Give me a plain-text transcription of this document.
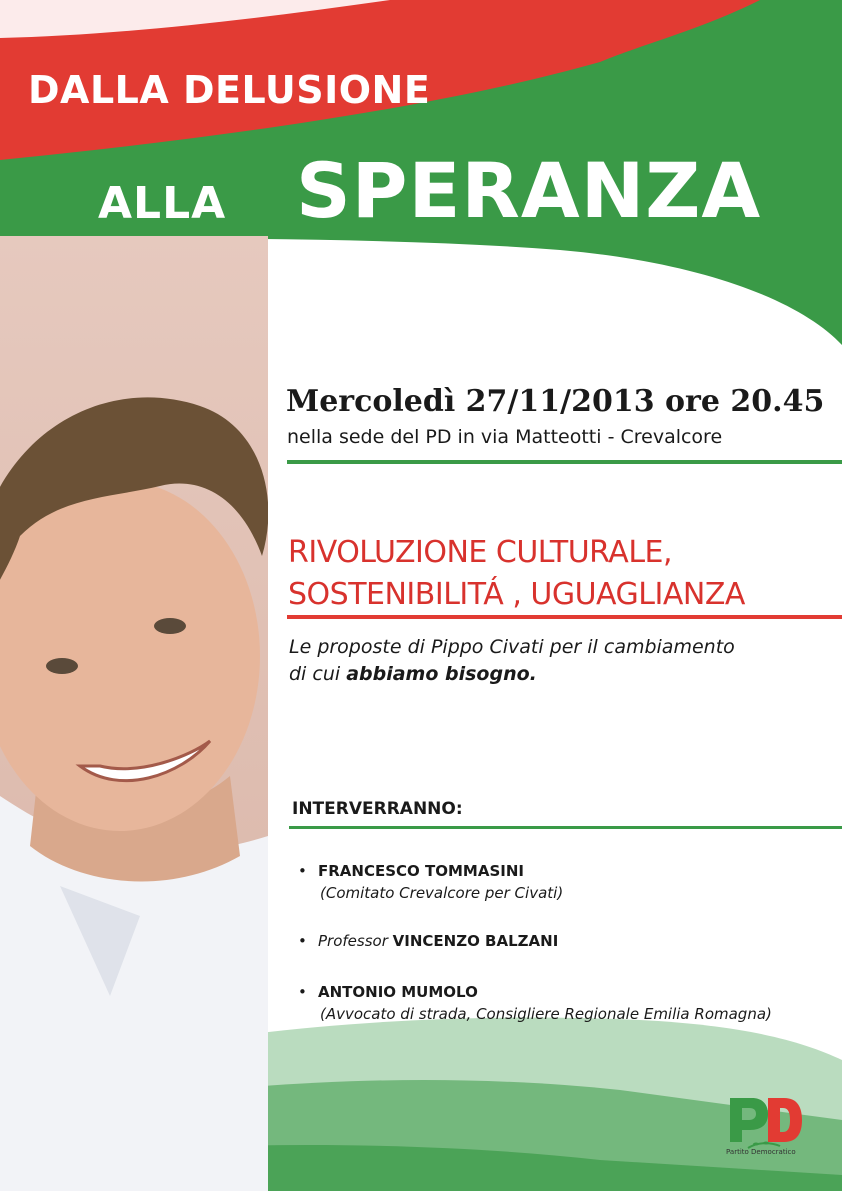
DALLA DELUSIONE
ALLA SPERANZA
Mercoledì 27/11/2013 ore 20.45
nella sede del PD in via Matteotti - Crevalcore
RIVOLUZIONE CULTURALE,
SOSTENIBILITÁ , UGUAGLIANZA
Le proposte di Pippo Civati per il cambiamento
di cui abbiamo bisogno.
INTERVERRANNO:
• FRANCESCO TOMMASINI
(Comitato Crevalcore per Civati)
• Professor VINCENZO BALZANI
• ANTONIO MUMOLO
(Avvocato di strada, Consigliere Regionale Emilia Romagna)
Partito Democratico
